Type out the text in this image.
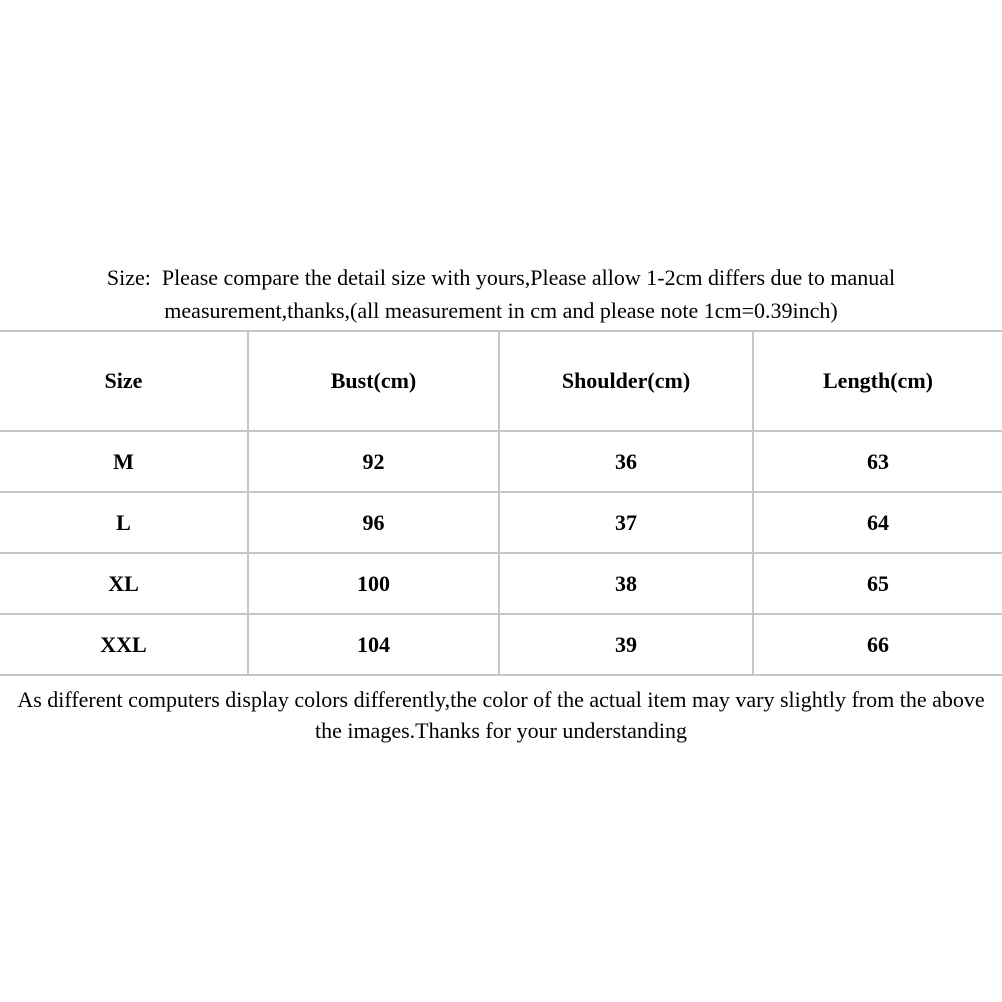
Size:  Please compare the detail size with yours,Please allow 1-2cm differs due to manual
measurement,thanks,(all measurement in cm and please note 1cm=0.39inch)
Size	Bust(cm)	Shoulder(cm)	Length(cm)
M	92	36	63
L	96	37	64
XL	100	38	65
XXL	104	39	66
As different computers display colors differently,the color of the actual item may vary slightly from the above
the images.Thanks for your understanding
